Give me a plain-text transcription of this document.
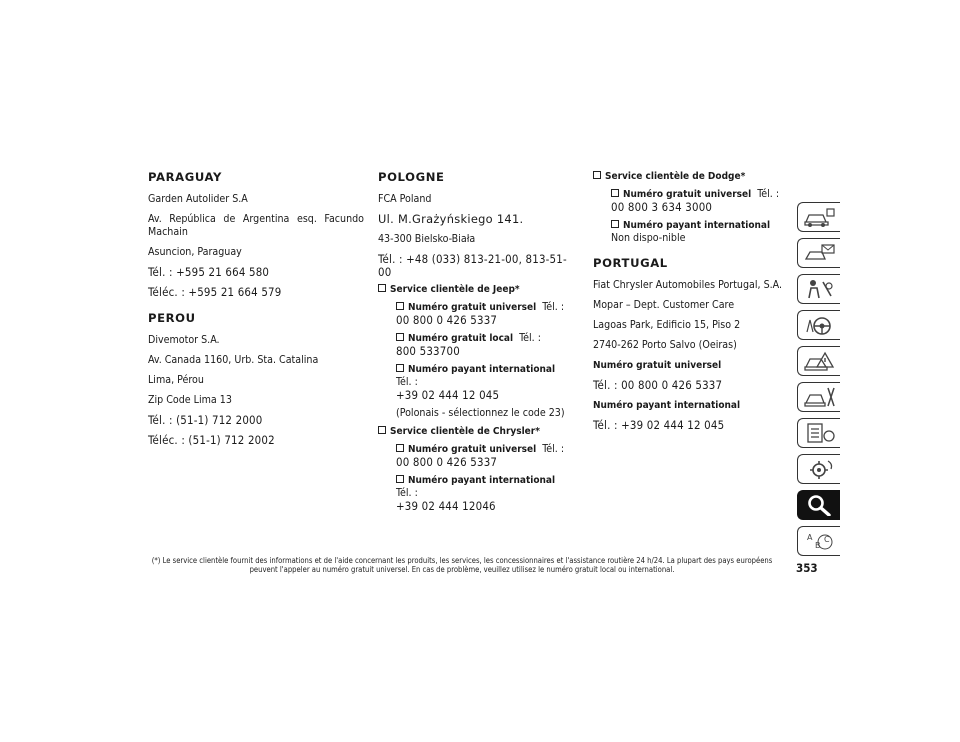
PARAGUAY

Garden Autolider S.A

Av. República de Argentina esq. Facundo Machain

Asuncion, Paraguay

Tél. : +595 21 664 580

Téléc. : +595 21 664 579

PEROU

Divemotor S.A.

Av. Canada 1160, Urb. Sta. Catalina

Lima, Pérou

Zip Code Lima 13

Tél. : (51-1) 712 2000

Téléc. : (51-1) 712 2002

POLOGNE

FCA Poland

Ul. M.Grażyńskiego 141.

43-300 Bielsko-Biała

Tél. : +48 (033) 813-21-00, 813-51-00

Service clientèle de Jeep*
Numéro gratuit universel Tél. :
00 800 0 426 5337
Numéro gratuit local Tél. :
800 533700
Numéro payant international  Tél. :
+39 02 444 12 045
(Polonais - sélectionnez le code 23)
Service clientèle de Chrysler*
Numéro gratuit universel Tél. :
00 800 0 426 5337
Numéro payant international  Tél. :
+39 02 444 12046
Service clientèle de Dodge*
Numéro gratuit universel Tél. :
00 800 3 634 3000
Numéro payant international  Non dispo-nible
PORTUGAL

Fiat Chrysler Automobiles Portugal, S.A.

Mopar – Dept. Customer Care

Lagoas Park, Edificio 15, Piso 2

2740-262 Porto Salvo (Oeiras)

Numéro gratuit universel

Tél. : 00 800 0 426 5337

Numéro payant international

Tél. : +39 02 444 12 045

A
B
C
(*) Le service clientèle fournit des informations et de l'aide concernant les produits, les services, les concessionnaires et l'assistance routière 24 h/24. La plupart des pays européens peuvent l'appeler au numéro gratuit universel. En cas de problème, veuillez utilisez le numéro gratuit local ou international.	353
